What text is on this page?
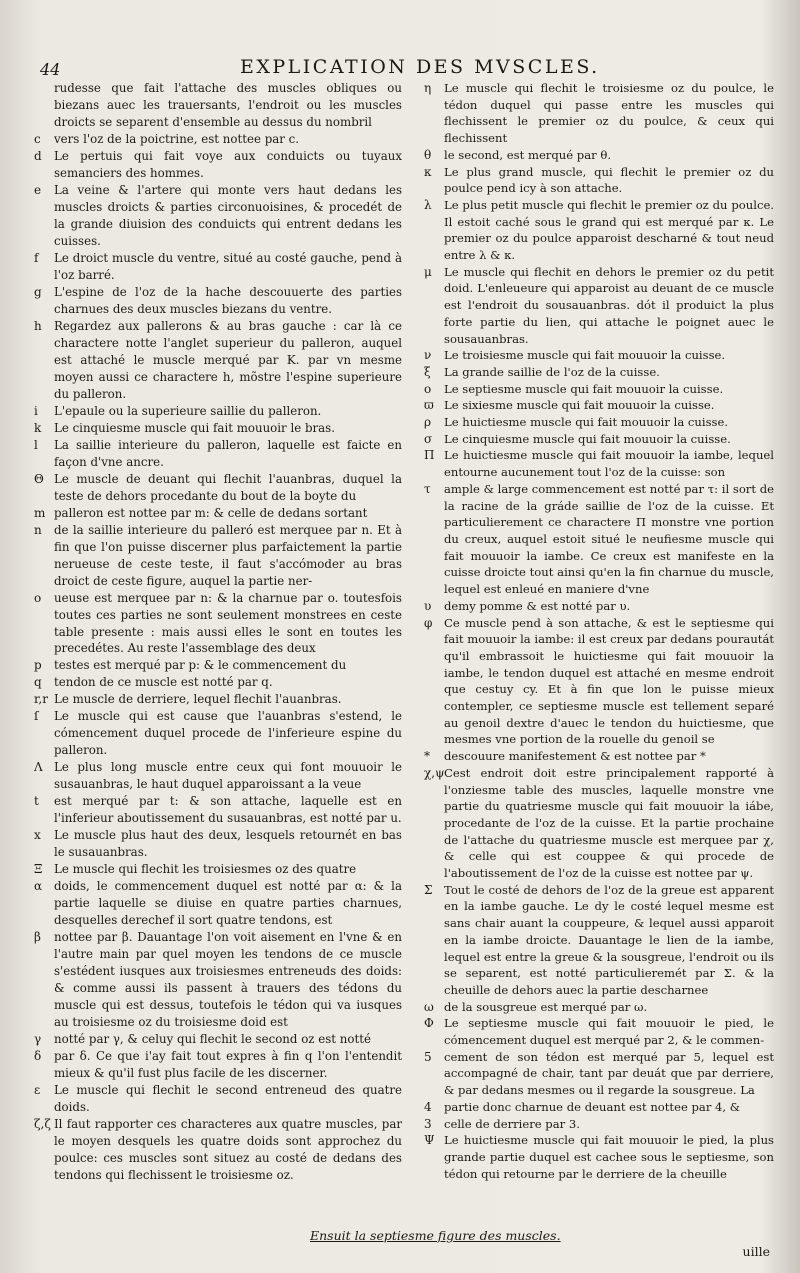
44	EXPLICATION DES MVSCLES.
rudesse que fait l'attache des muscles obliques ou biezans auec les trauersants, l'endroit ou les muscles droicts se separent d'ensemble au dessus du nombril
c	vers l'oz de la poictrine, est nottee par c.
d	Le pertuis qui fait voye aux conduicts ou tuyaux semanciers des hommes.
e	La veine & l'artere qui monte vers haut dedans les muscles droicts & parties circonuoisines, & procedét de la grande diuision des conduicts qui entrent dedans les cuisses.
f	Le droict muscle du ventre, situé au costé gauche, pend à l'oz barré.
g	L'espine de l'oz de la hache descouuerte des parties charnues des deux muscles biezans du ventre.
h	Regardez aux pallerons & au bras gauche : car là ce charactere notte l'anglet superieur du palleron, auquel est attaché le muscle merqué par K. par vn mesme moyen aussi ce charactere h, mõstre l'espine superieure du palleron.
i	L'epaule ou la superieure saillie du palleron.
k	Le cinquiesme muscle qui fait mouuoir le bras.
l	La saillie interieure du palleron, laquelle est faicte en façon d'vne ancre.
Θ Le muscle de deuant qui flechit l'auanbras, duquel la teste de dehors procedante du bout de la boyte du
m palleron est nottee par m: & celle de dedans sortant
n	de la saillie interieure du palleró est merquee par n. Et à fin que l'on puisse discerner plus parfaictement la partie nerueuse de ceste teste, il faut s'accómoder au bras droict de ceste figure, auquel la partie ner-
o	ueuse est merquee par n: & la charnue par o. toutesfois toutes ces parties ne sont seulement monstrees en ceste table presente : mais aussi elles le sont en toutes les precedétes. Au reste l'assemblage des deux
p	testes est merqué par p: & le commencement du
q	tendon de ce muscle est notté par q.
r,r Le muscle de derriere, lequel flechit l'auanbras.
ſ	Le muscle qui est cause que l'auanbras s'estend, le cómencement duquel procede de l'inferieure espine du palleron.
Λ Le plus long muscle entre ceux qui font mouuoir le susauanbras, le haut duquel apparoissant a la veue
t	est merqué par t: & son attache, laquelle est en l'inferieur aboutissement du susauanbras, est notté par u.
x	Le muscle plus haut des deux, lesquels retournét en bas le susauanbras.
Ξ Le muscle qui flechit les troisiesmes oz des quatre
α	doids, le commencement duquel est notté par α: & la partie laquelle se diuise en quatre parties charnues, desquelles derechef il sort quatre tendons, est
β	nottee par β. Dauantage l'on voit aisement en l'vne & en l'autre main par quel moyen les tendons de ce muscle s'estédent iusques aux troisiesmes entreneuds des doids: & comme aussi ils passent à trauers des tédons du muscle qui est dessus, toutefois le tédon qui va iusques au troisiesme oz du troisiesme doid est
γ	notté par γ, & celuy qui flechit le second oz est notté
δ	par δ. Ce que i'ay fait tout expres à fin q l'on l'entendit mieux & qu'il fust plus facile de les discerner.
ε	Le muscle qui flechit le second entreneud des quatre doids.
ζ,ζ Il faut rapporter ces characteres aux quatre muscles, par le moyen desquels les quatre doids sont approchez du poulce: ces muscles sont situez au costé de dedans des tendons qui flechissent le troisiesme oz.
η	Le muscle qui flechit le troisiesme oz du poulce, le tédon duquel qui passe entre les muscles qui flechissent le premier oz du poulce, & ceux qui flechissent
θ	le second, est merqué par θ.
κ	Le plus grand muscle, qui flechit le premier oz du poulce pend icy à son attache.
λ	Le plus petit muscle qui flechit le premier oz du poulce. Il estoit caché sous le grand qui est merqué par κ. Le premier oz du poulce apparoist descharné & tout neud entre λ & κ.
μ	Le muscle qui flechit en dehors le premier oz du petit doid. L'enleueure qui apparoist au deuant de ce muscle est l'endroit du sousauanbras. dót il produict la plus forte partie du lien, qui attache le poignet auec le sousauanbras.
ν	Le troisiesme muscle qui fait mouuoir la cuisse.
ξ	La grande saillie de l'oz de la cuisse.
ο	Le septiesme muscle qui fait mouuoir la cuisse.
ϖ Le sixiesme muscle qui fait mouuoir la cuisse.
ρ	Le huictiesme muscle qui fait mouuoir la cuisse.
σ	Le cinquiesme muscle qui fait mouuoir la cuisse.
Π Le huictiesme muscle qui fait mouuoir la iambe, lequel entourne aucunement tout l'oz de la cuisse: son
τ	ample & large commencement est notté par τ: il sort de la racine de la gráde saillie de l'oz de la cuisse. Et particulierement ce charactere Π monstre vne portion du creux, auquel estoit situé le neufiesme muscle qui fait mouuoir la iambe. Ce creux est manifeste en la cuisse droicte tout ainsi qu'en la fin charnue du muscle, lequel est enleué en maniere d'vne
υ	demy pomme & est notté par υ.
φ Ce muscle pend à son attache, & est le septiesme qui fait mouuoir la iambe: il est creux par dedans pourautát qu'il embrassoit le huictiesme qui fait mouuoir la iambe, le tendon duquel est attaché en mesme endroit que cestuy cy. Et à fin que lon le puisse mieux contempler, ce septiesme muscle est tellement separé au genoil dextre d'auec le tendon du huictiesme, que mesmes vne portion de la rouelle du genoil se
*	descouure manifestement & est nottee par *
χ,ψ Cest endroit doit estre principalement rapporté à l'onziesme table des muscles, laquelle monstre vne partie du quatriesme muscle qui fait mouuoir la iábe, procedante de l'oz de la cuisse. Et la partie prochaine de l'attache du quatriesme muscle est merquee par χ, & celle qui est couppee & qui procede de l'aboutissement de l'oz de la cuisse est nottee par ψ.
Σ Tout le costé de dehors de l'oz de la greue est apparent en la iambe gauche. Le dy le costé lequel mesme est sans chair auant la couppeure, & lequel aussi apparoit en la iambe droicte. Dauantage le lien de la iambe, lequel est entre la greue & la sousgreue, l'endroit ou ils se separent, est notté particulieremét par Σ. & la cheuille de dehors auec la partie descharnee
ω de la sousgreue est merqué par ω.
Φ Le septiesme muscle qui fait mouuoir le pied, le cómencement duquel est merqué par 2, & le commen-
5	cement de son tédon est merqué par 5, lequel est accompagné de chair, tant par deuát que par derriere, & par dedans mesmes ou il regarde la sousgreue. La
4	partie donc charnue de deuant est nottee par 4, &
3	celle de derriere par 3.
Ψ Le huictiesme muscle qui fait mouuoir le pied, la plus grande partie duquel est cachee sous le septiesme, son tédon qui retourne par le derriere de la cheuille
Ensuit la septiesme figure des muscles.
uille
